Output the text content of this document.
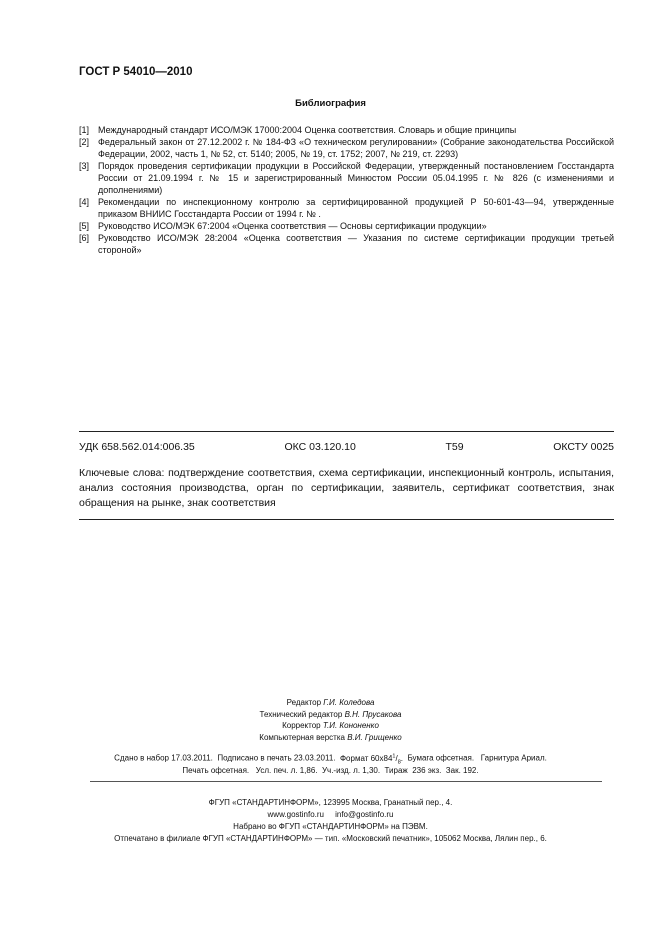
ГОСТ Р 54010—2010
Библиография
[1] Международный стандарт ИСО/МЭК 17000:2004 Оценка соответствия. Словарь и общие принципы
[2] Федеральный закон от 27.12.2002 г. № 184-ФЗ «О техническом регулировании» (Собрание законодательства Российской Федерации, 2002, часть 1, № 52, ст. 5140; 2005, № 19, ст. 1752; 2007, № 219, ст. 2293)
[3] Порядок проведения сертификации продукции в Российской Федерации, утвержденный постановлением Госстандарта России от 21.09.1994 г. № 15 и зарегистрированный Минюстом России 05.04.1995 г. № 826 (с изменениями и дополнениями)
[4] Рекомендации по инспекционному контролю за сертифицированной продукцией Р 50-601-43—94, утвержденные приказом ВНИИС Госстандарта России от 1994 г. № .
[5] Руководство ИСО/МЭК 67:2004 «Оценка соответствия — Основы сертификации продукции»
[6] Руководство ИСО/МЭК 28:2004 «Оценка соответствия — Указания по системе сертификации продукции третьей стороной»
УДК 658.562.014:006.35	ОКС 03.120.10	Т59	ОКСТУ 0025
Ключевые слова: подтверждение соответствия, схема сертификации, инспекционный контроль, испытания, анализ состояния производства, орган по сертификации, заявитель, сертификат соответствия, знак обращения на рынке, знак соответствия
Редактор Г.И. Коледова
Технический редактор В.Н. Прусакова
Корректор Т.И. Кононенко
Компьютерная верстка В.И. Грищенко
Сдано в набор 17.03.2011. Подписано в печать 23.03.2011. Формат $60х84^1/_8$. Бумага офсетная. Гарнитура Ариал.
Печать офсетная.   Усл. печ. л. 1,86.  Уч.-изд. л. 1,30.  Тираж  236 экз.  Зак. 192.
ФГУП «СТАНДАРТИНФОРМ», 123995 Москва, Гранатный пер., 4.
www.gostinfo.ru info@gostinfo.ru
Набрано во ФГУП «СТАНДАРТИНФОРМ» на ПЭВМ.
Отпечатано в филиале ФГУП «СТАНДАРТИНФОРМ» — тип. «Московский печатник», 105062 Москва, Лялин пер., 6.
